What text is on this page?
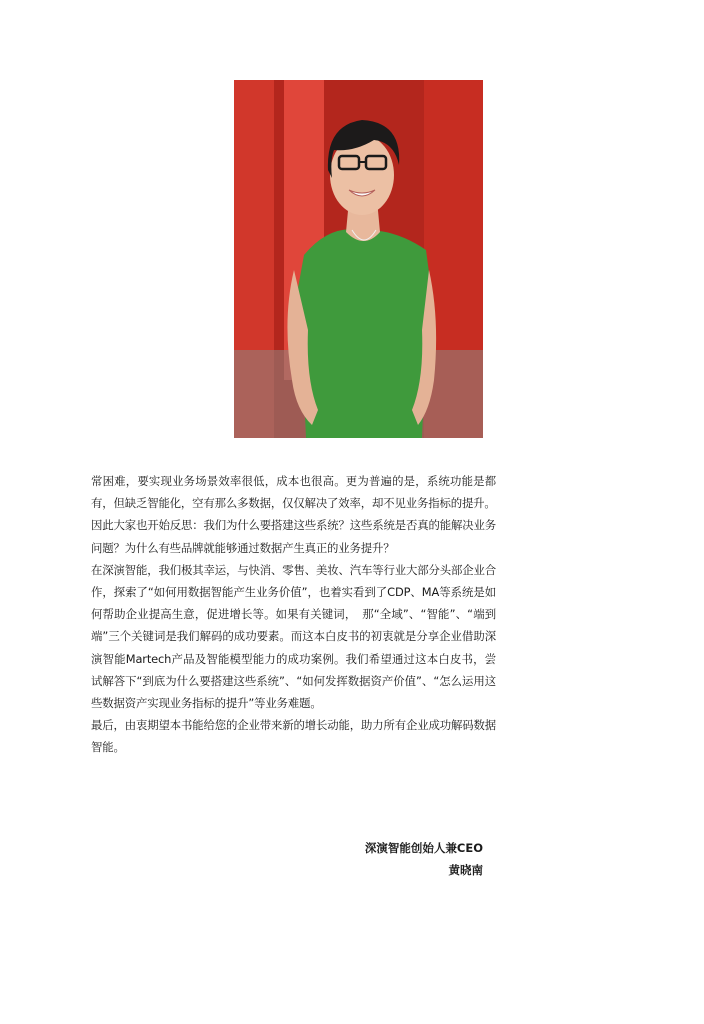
常困难，要实现业务场景效率很低，成本也很高。更为普遍的是，系统功能是都有，但缺乏智能化，空有那么多数据，仅仅解决了效率，却不见业务指标的提升。

因此大家也开始反思：我们为什么要搭建这些系统？这些系统是否真的能解决业务问题？为什么有些品牌就能够通过数据产生真正的业务提升？

在深演智能，我们极其幸运，与快消、零售、美妆、汽车等行业大部分头部企业合作，探索了“如何用数据智能产生业务价值”，也着实看到了CDP、MA等系统是如何帮助企业提高生意，促进增长等。如果有关键词，　那“全域”、“智能”、“端到端”三个关键词是我们解码的成功要素。而这本白皮书的初衷就是分享企业借助深演智能Martech产品及智能模型能力的成功案例。我们希望通过这本白皮书，尝试解答下“到底为什么要搭建这些系统”、“如何发挥数据资产价值”、“怎么运用这些数据资产实现业务指标的提升”等业务难题。

最后，由衷期望本书能给您的企业带来新的增长动能，助力所有企业成功解码数据智能。

深演智能创始人兼CEO
黄晓南
